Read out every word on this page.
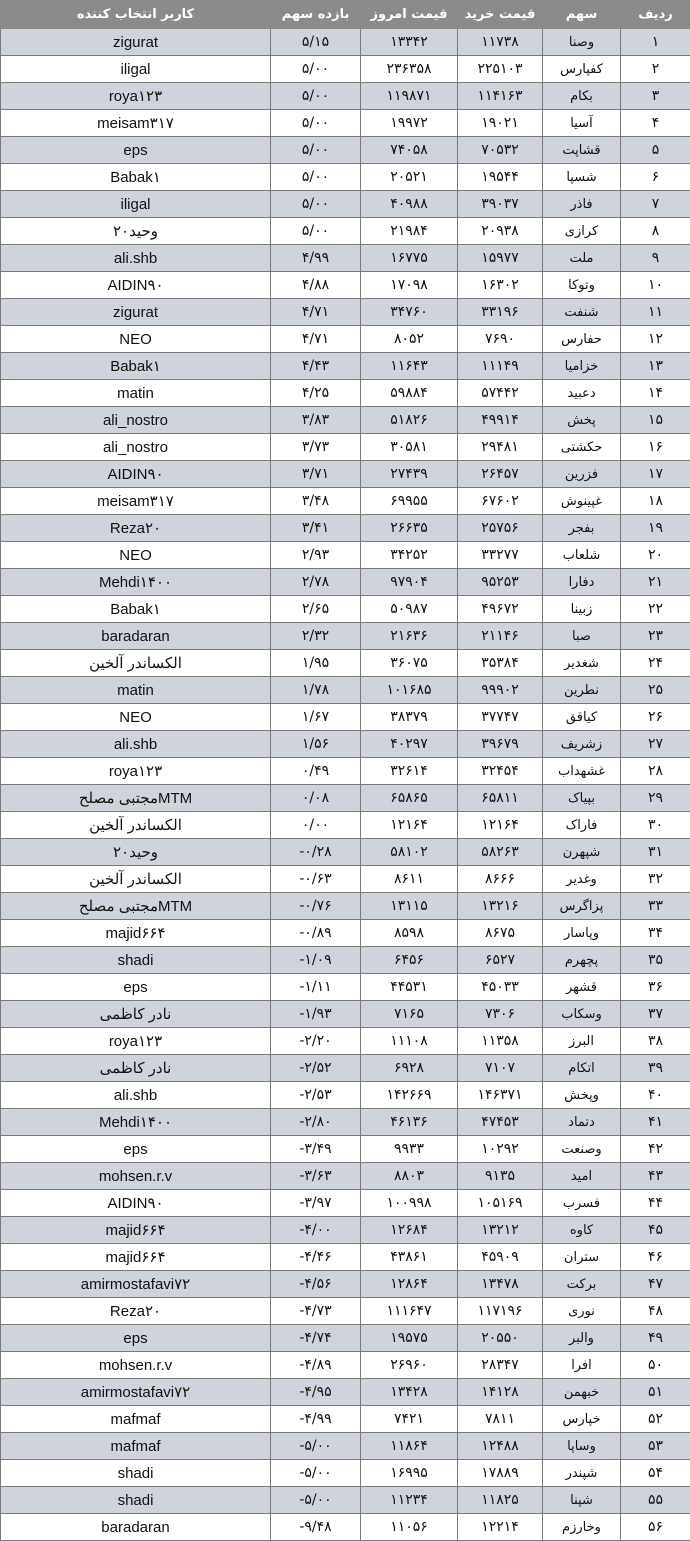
ردیف	سهم	قیمت خرید	قیمت امروز	بازده سهم	کاربر انتخاب کننده
۱	وصنا	۱۱۷۳۸	۱۳۳۴۲	۵/۱۵	zigurat
۲	کفپارس	۲۲۵۱۰۳	۲۳۶۳۵۸	۵/۰۰	iligal
۳	بکام	۱۱۴۱۶۳	۱۱۹۸۷۱	۵/۰۰	roya۱۲۳
۴	آسیا	۱۹۰۲۱	۱۹۹۷۲	۵/۰۰	meisam۳۱۷
۵	قشاپت	۷۰۵۳۲	۷۴۰۵۸	۵/۰۰	eps
۶	شسپا	۱۹۵۴۴	۲۰۵۲۱	۵/۰۰	Babak۱
۷	فاذر	۳۹۰۳۷	۴۰۹۸۸	۵/۰۰	iligal
۸	کرازی	۲۰۹۳۸	۲۱۹۸۴	۵/۰۰	وحید۲۰
۹	ملت	۱۵۹۷۷	۱۶۷۷۵	۴/۹۹	ali.shb
۱۰	وتوکا	۱۶۳۰۲	۱۷۰۹۸	۴/۸۸	AIDIN۹۰
۱۱	شنفت	۳۳۱۹۶	۳۴۷۶۰	۴/۷۱	zigurat
۱۲	حفارس	۷۶۹۰	۸۰۵۲	۴/۷۱	NEO
۱۳	خزامیا	۱۱۱۴۹	۱۱۶۴۳	۴/۴۳	Babak۱
۱۴	دعبید	۵۷۴۴۲	۵۹۸۸۴	۴/۲۵	matin
۱۵	پخش	۴۹۹۱۴	۵۱۸۲۶	۳/۸۳	ali_nostro
۱۶	حکشتی	۲۹۴۸۱	۳۰۵۸۱	۳/۷۳	ali_nostro
۱۷	فزرین	۲۶۴۵۷	۲۷۴۳۹	۳/۷۱	AIDIN۹۰
۱۸	غپینوش	۶۷۶۰۲	۶۹۹۵۵	۳/۴۸	meisam۳۱۷
۱۹	بفجر	۲۵۷۵۶	۲۶۶۳۵	۳/۴۱	Reza۲۰
۲۰	شلعاب	۳۳۲۷۷	۳۴۲۵۲	۲/۹۳	NEO
۲۱	دفارا	۹۵۲۵۳	۹۷۹۰۴	۲/۷۸	Mehdi۱۴۰۰
۲۲	زبینا	۴۹۶۷۲	۵۰۹۸۷	۲/۶۵	Babak۱
۲۳	صبا	۲۱۱۴۶	۲۱۶۳۶	۲/۳۲	baradaran
۲۴	شغدیر	۳۵۳۸۴	۳۶۰۷۵	۱/۹۵	الکساندر آلخین
۲۵	نطرین	۹۹۹۰۲	۱۰۱۶۸۵	۱/۷۸	matin
۲۶	کیاقق	۳۷۷۴۷	۳۸۳۷۹	۱/۶۷	NEO
۲۷	زشریف	۳۹۶۷۹	۴۰۲۹۷	۱/۵۶	ali.shb
۲۸	غشهداب	۳۲۴۵۴	۳۲۶۱۴	۰/۴۹	roya۱۲۳
۲۹	بپیاک	۶۵۸۱۱	۶۵۸۶۵	۰/۰۸	مجتبی مصلحMTM
۳۰	فاراک	۱۲۱۶۴	۱۲۱۶۴	۰/۰۰	الکساندر آلخین
۳۱	شپهرن	۵۸۲۶۳	۵۸۱۰۲	-۰/۲۸	وحید۲۰
۳۲	وغدیر	۸۶۶۶	۸۶۱۱	-۰/۶۳	الکساندر آلخین
۳۳	پزاگرس	۱۳۲۱۶	۱۳۱۱۵	-۰/۷۶	مجتبی مصلحMTM
۳۴	وپاسار	۸۶۷۵	۸۵۹۸	-۰/۸۹	majid۶۶۴
۳۵	پچهرم	۶۵۲۷	۶۴۵۶	-۱/۰۹	shadi
۳۶	قشهر	۴۵۰۳۳	۴۴۵۳۱	-۱/۱۱	eps
۳۷	وسکاب	۷۳۰۶	۷۱۶۵	-۱/۹۳	نادر کاظمی
۳۸	البرز	۱۱۳۵۸	۱۱۱۰۸	-۲/۲۰	roya۱۲۳
۳۹	اتکام	۷۱۰۷	۶۹۲۸	-۲/۵۲	نادر کاظمی
۴۰	وپخش	۱۴۶۳۷۱	۱۴۲۶۶۹	-۲/۵۳	ali.shb
۴۱	دتماد	۴۷۴۵۳	۴۶۱۳۶	-۲/۸۰	Mehdi۱۴۰۰
۴۲	وصنعت	۱۰۲۹۲	۹۹۳۳	-۳/۴۹	eps
۴۳	امید	۹۱۳۵	۸۸۰۳	-۳/۶۳	mohsen.r.v
۴۴	فسرب	۱۰۵۱۶۹	۱۰۰۹۹۸	-۳/۹۷	AIDIN۹۰
۴۵	کاوه	۱۳۲۱۲	۱۲۶۸۴	-۴/۰۰	majid۶۶۴
۴۶	ستران	۴۵۹۰۹	۴۳۸۶۱	-۴/۴۶	majid۶۶۴
۴۷	برکت	۱۳۴۷۸	۱۲۸۶۴	-۴/۵۶	amirmostafavi۷۲
۴۸	نوری	۱۱۷۱۹۶	۱۱۱۶۴۷	-۴/۷۳	Reza۲۰
۴۹	والبر	۲۰۵۵۰	۱۹۵۷۵	-۴/۷۴	eps
۵۰	افرا	۲۸۳۴۷	۲۶۹۶۰	-۴/۸۹	mohsen.r.v
۵۱	خبهمن	۱۴۱۲۸	۱۳۴۲۸	-۴/۹۵	amirmostafavi۷۲
۵۲	خپارس	۷۸۱۱	۷۴۲۱	-۴/۹۹	mafmaf
۵۳	وساپا	۱۲۴۸۸	۱۱۸۶۴	-۵/۰۰	mafmaf
۵۴	شپندر	۱۷۸۸۹	۱۶۹۹۵	-۵/۰۰	shadi
۵۵	شپنا	۱۱۸۲۵	۱۱۲۳۴	-۵/۰۰	shadi
۵۶	وخارزم	۱۲۲۱۴	۱۱۰۵۶	-۹/۴۸	baradaran
